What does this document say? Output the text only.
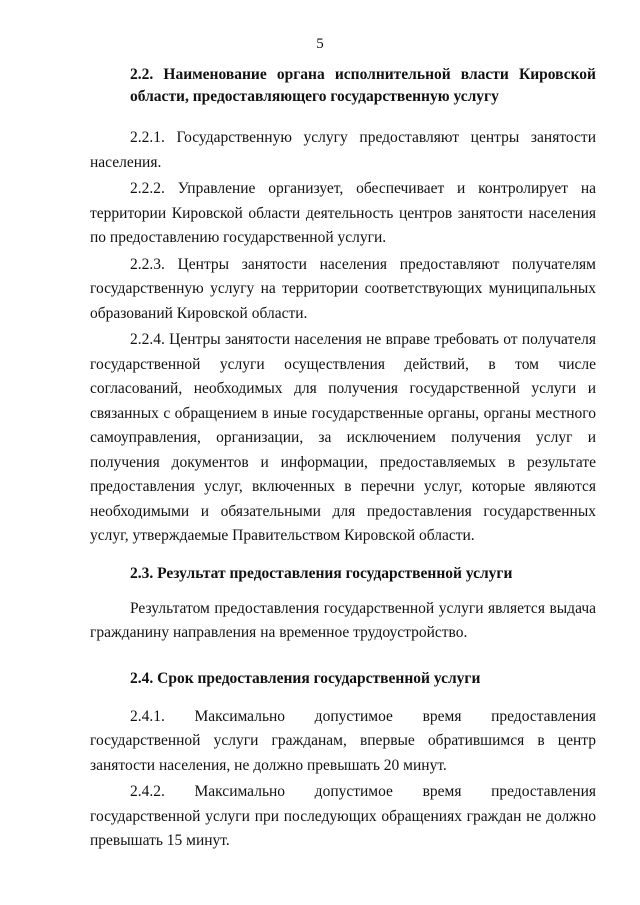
5

2.2. Наименование органа исполнительной власти Кировской области, предоставляющего государственную услугу

2.2.1. Государственную услугу предоставляют центры занятости населения.

2.2.2. Управление организует, обеспечивает и контролирует на территории Кировской области деятельность центров занятости населения по предоставлению государственной услуги.

2.2.3. Центры занятости населения предоставляют получателям государственную услугу на территории соответствующих муниципальных образований Кировской области.

2.2.4. Центры занятости населения не вправе требовать от получателя государственной услуги осуществления действий, в том числе согласований, необходимых для получения государственной услуги и связанных с обращением в иные государственные органы, органы местного самоуправления, организации, за исключением получения услуг и получения документов и информации, предоставляемых в результате предоставления услуг, включенных в перечни услуг, которые являются необходимыми и обязательными для предоставления государственных услуг, утверждаемые Правительством Кировской области.

2.3. Результат предоставления государственной услуги

Результатом предоставления государственной услуги является выдача гражданину направления на временное трудоустройство.

2.4. Срок предоставления государственной услуги

2.4.1. Максимально допустимое время предоставления государственной услуги гражданам, впервые обратившимся в центр занятости населения, не должно превышать 20 минут.

2.4.2. Максимально допустимое время предоставления государственной услуги при последующих обращениях граждан не должно превышать 15 минут.
